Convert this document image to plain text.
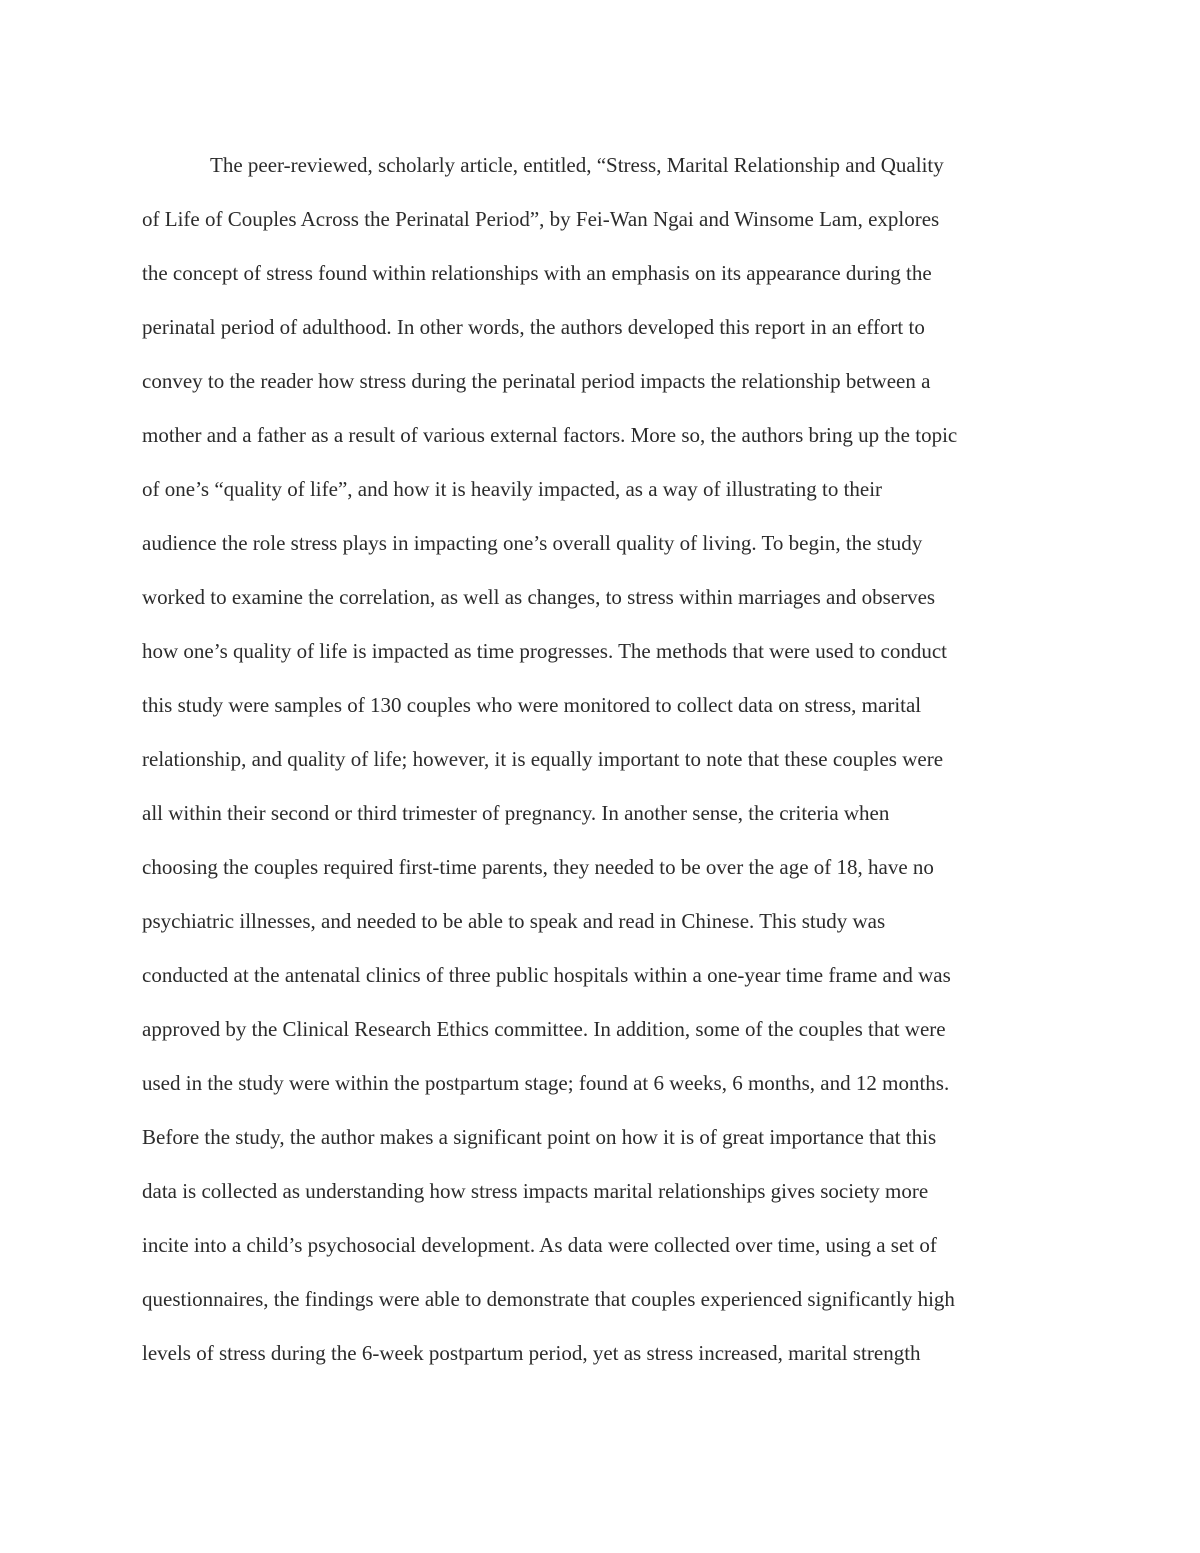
The peer-reviewed, scholarly article, entitled, “Stress, Marital Relationship and Quality
of Life of Couples Across the Perinatal Period”, by Fei-Wan Ngai and Winsome Lam, explores
the concept of stress found within relationships with an emphasis on its appearance during the
perinatal period of adulthood. In other words, the authors developed this report in an effort to
convey to the reader how stress during the perinatal period impacts the relationship between a
mother and a father as a result of various external factors. More so, the authors bring up the topic
of one’s “quality of life”, and how it is heavily impacted, as a way of illustrating to their
audience the role stress plays in impacting one’s overall quality of living. To begin, the study
worked to examine the correlation, as well as changes, to stress within marriages and observes
how one’s quality of life is impacted as time progresses. The methods that were used to conduct
this study were samples of 130 couples who were monitored to collect data on stress, marital
relationship, and quality of life; however, it is equally important to note that these couples were
all within their second or third trimester of pregnancy. In another sense, the criteria when
choosing the couples required first-time parents, they needed to be over the age of 18, have no
psychiatric illnesses, and needed to be able to speak and read in Chinese. This study was
conducted at the antenatal clinics of three public hospitals within a one-year time frame and was
approved by the Clinical Research Ethics committee. In addition, some of the couples that were
used in the study were within the postpartum stage; found at 6 weeks, 6 months, and 12 months.
Before the study, the author makes a significant point on how it is of great importance that this
data is collected as understanding how stress impacts marital relationships gives society more
incite into a child’s psychosocial development. As data were collected over time, using a set of
questionnaires, the findings were able to demonstrate that couples experienced significantly high
levels of stress during the 6-week postpartum period, yet as stress increased, marital strength
